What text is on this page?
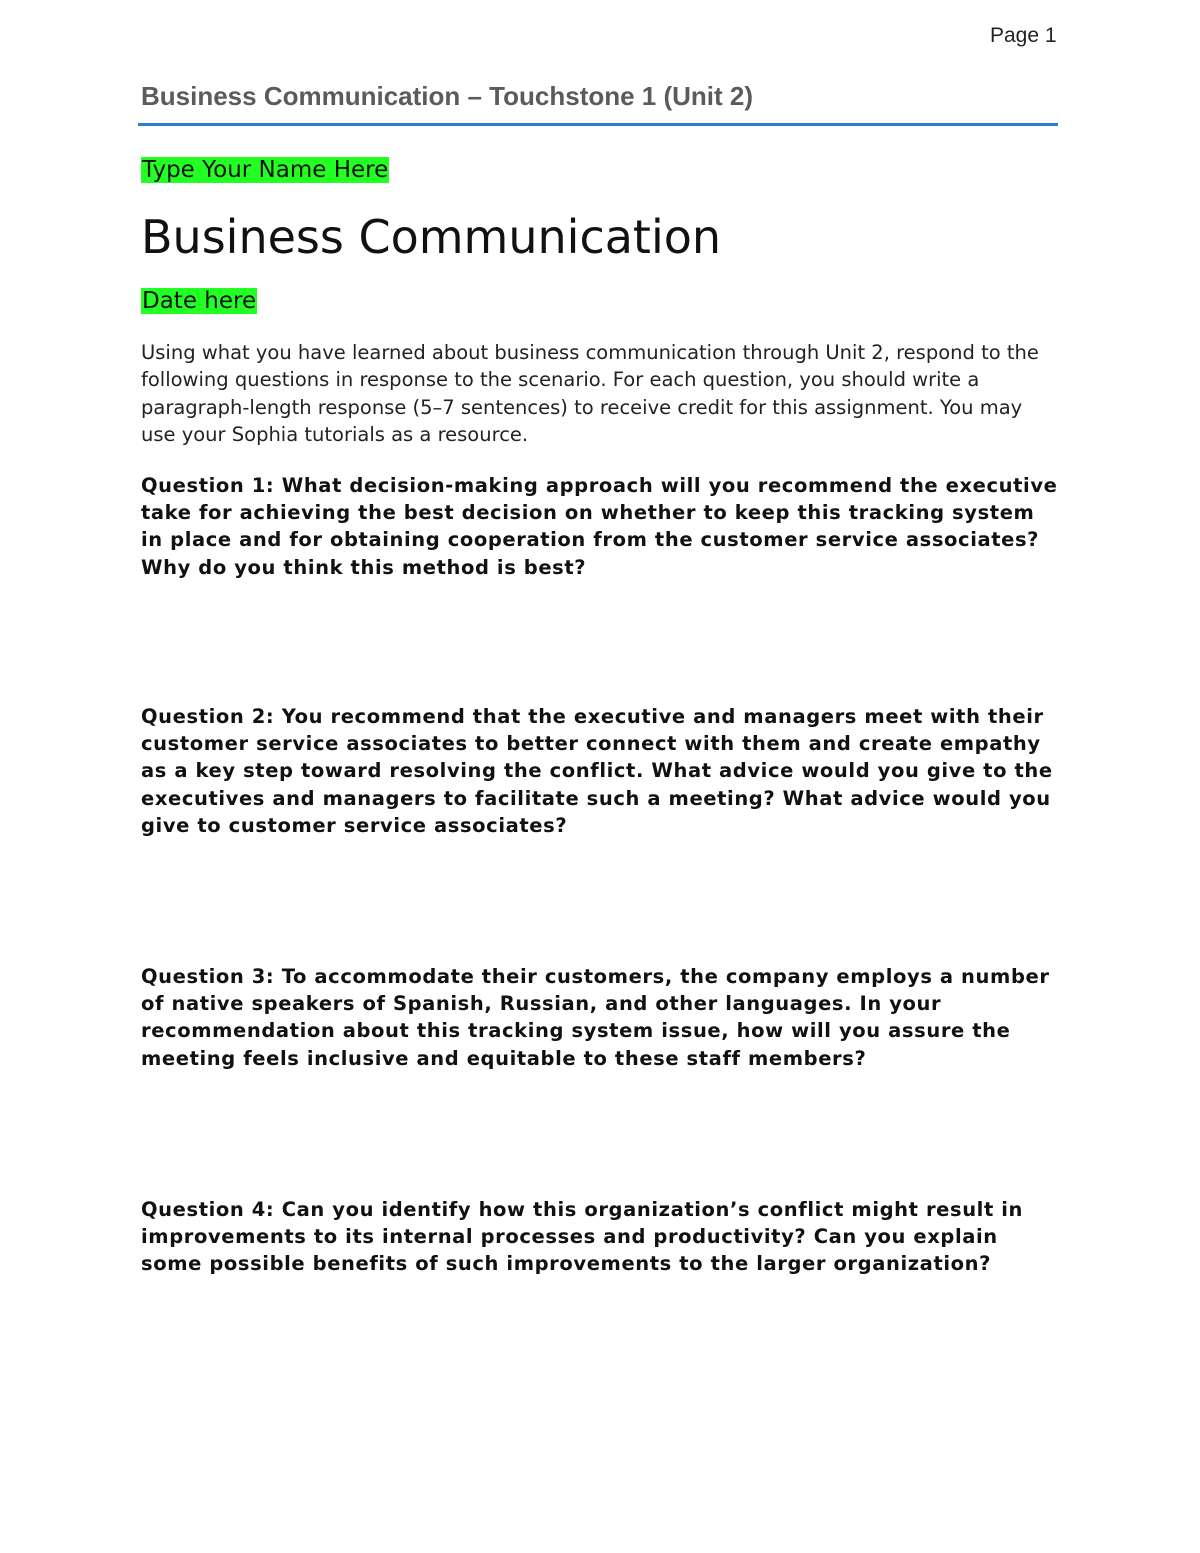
Page 1
Business Communication – Touchstone 1 (Unit 2)
Type Your Name Here
Business Communication
Date here

Using what you have learned about business communication through Unit 2, respond to the following questions in response to the scenario. For each question, you should write a paragraph-length response (5–7 sentences) to receive credit for this assignment. You may use your Sophia tutorials as a resource.

Question 1: What decision-making approach will you recommend the executive take for achieving the best decision on whether to keep this tracking system in place and for obtaining cooperation from the customer service associates? Why do you think this method is best?

Question 2: You recommend that the executive and managers meet with their customer service associates to better connect with them and create empathy as a key step toward resolving the conflict. What advice would you give to the executives and managers to facilitate such a meeting? What advice would you give to customer service associates?

Question 3: To accommodate their customers, the company employs a number of native speakers of Spanish, Russian, and other languages. In your recommendation about this tracking system issue, how will you assure the meeting feels inclusive and equitable to these staff members?

Question 4: Can you identify how this organization’s conflict might result in improvements to its internal processes and productivity? Can you explain some possible benefits of such improvements to the larger organization?
